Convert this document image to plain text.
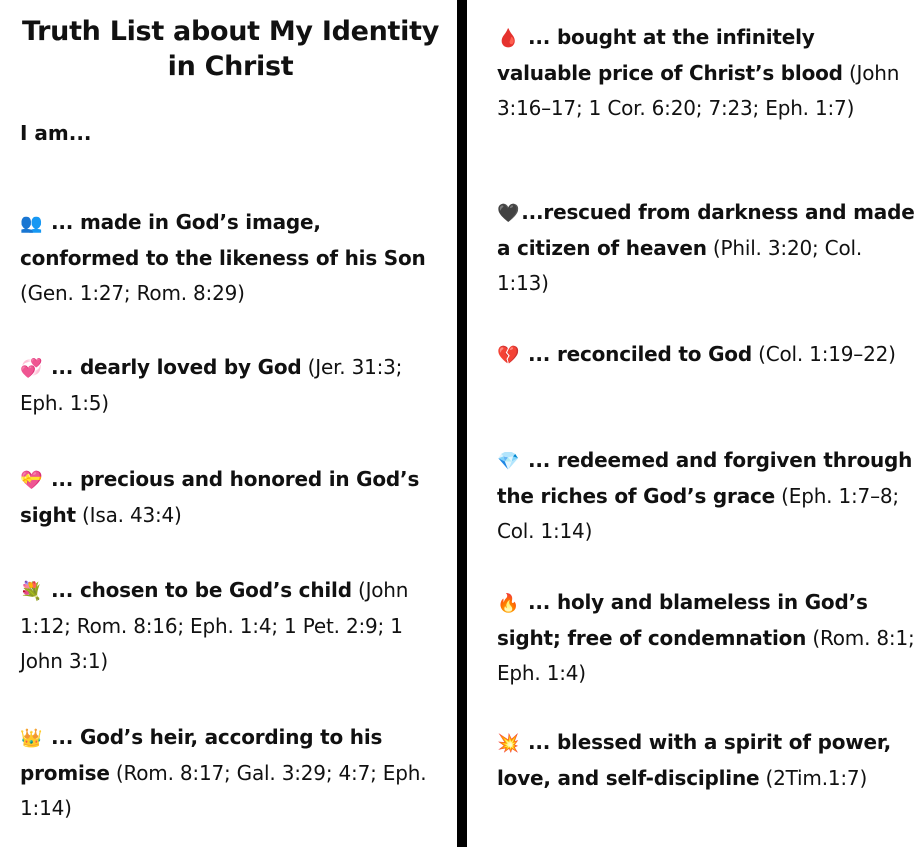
Truth List about My Identity in Christ
I am...
👥 ... made in God’s image, conformed to the likeness of his Son (Gen. 1:27; Rom. 8:29)
💞 ... dearly loved by God (Jer. 31:3; Eph. 1:5)
💝 ... precious and honored in God’s sight (Isa. 43:4)
💐 ... chosen to be God’s child (John 1:12; Rom. 8:16; Eph. 1:4; 1 Pet. 2:9; 1 John 3:1)
👑 ... God’s heir, according to his promise (Rom. 8:17; Gal. 3:29; 4:7; Eph. 1:14)
🩸 ... bought at the infinitely valuable price of Christ’s blood (John 3:16–17; 1 Cor. 6:20; 7:23; Eph. 1:7)
🖤 ...rescued from darkness and made a citizen of heaven (Phil. 3:20; Col. 1:13)
💔 ... reconciled to God (Col. 1:19–22)
💎 ... redeemed and forgiven through the riches of God’s grace (Eph. 1:7–8; Col. 1:14)
🔥 ... holy and blameless in God’s sight; free of condemnation (Rom. 8:1; Eph. 1:4)
💥 ... blessed with a spirit of power, love, and self-discipline (2Tim.1:7)
